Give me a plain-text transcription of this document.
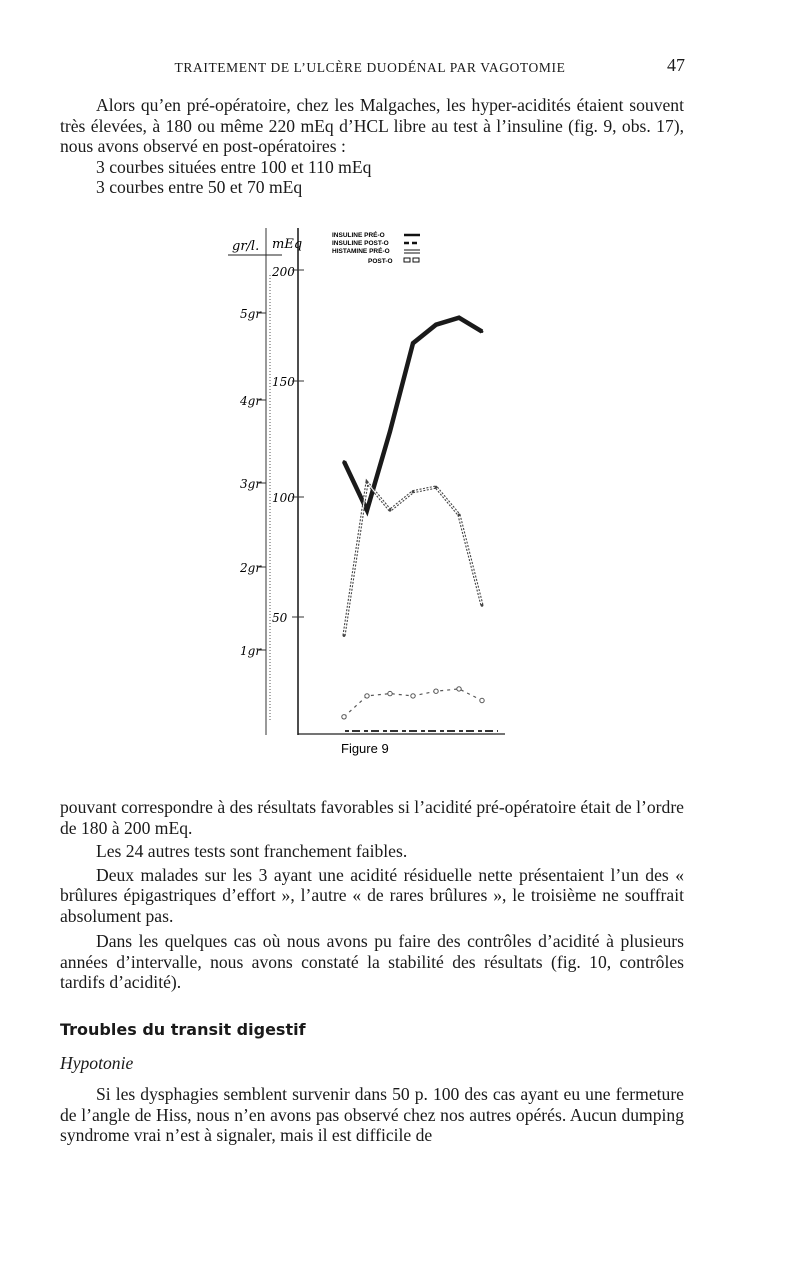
TRAITEMENT DE L’ULCÈRE DUODÉNAL PAR VAGOTOMIE	47

Alors qu’en pré-opératoire, chez les Malgaches, les hyper-acidités étaient souvent très élevées, à 180 ou même 220 mEq d’HCL libre au test à l’insuline (fig. 9, obs. 17), nous avons observé en post-opératoires :

3 courbes situées entre 100 et 110 mEq

3 courbes entre 50 et 70 mEq

gr/l. mEq
5gr
4gr
3gr
2gr
1gr
200
150
100
50
INSULINE PRÉ-O
INSULINE POST-O
HISTAMINE PRÉ-O
POST-O
Figure 9

pouvant correspondre à des résultats favorables si l’acidité pré-opératoire était de l’ordre de 180 à 200 mEq.

Les 24 autres tests sont franchement faibles.

Deux malades sur les 3 ayant une acidité résiduelle nette présentaient l’un des « brûlures épigastriques d’effort », l’autre « de rares brûlures », le troisième ne souffrait absolument pas.

Dans les quelques cas où nous avons pu faire des contrôles d’acidité à plusieurs années d’intervalle, nous avons constaté la stabilité des résultats (fig. 10, contrôles tardifs d’acidité).

Troubles du transit digestif
Hypotonie

Si les dysphagies semblent survenir dans 50 p. 100 des cas ayant eu une fermeture de l’angle de Hiss, nous n’en avons pas observé chez nos autres opérés. Aucun dumping syndrome vrai n’est à signaler, mais il est difficile de
